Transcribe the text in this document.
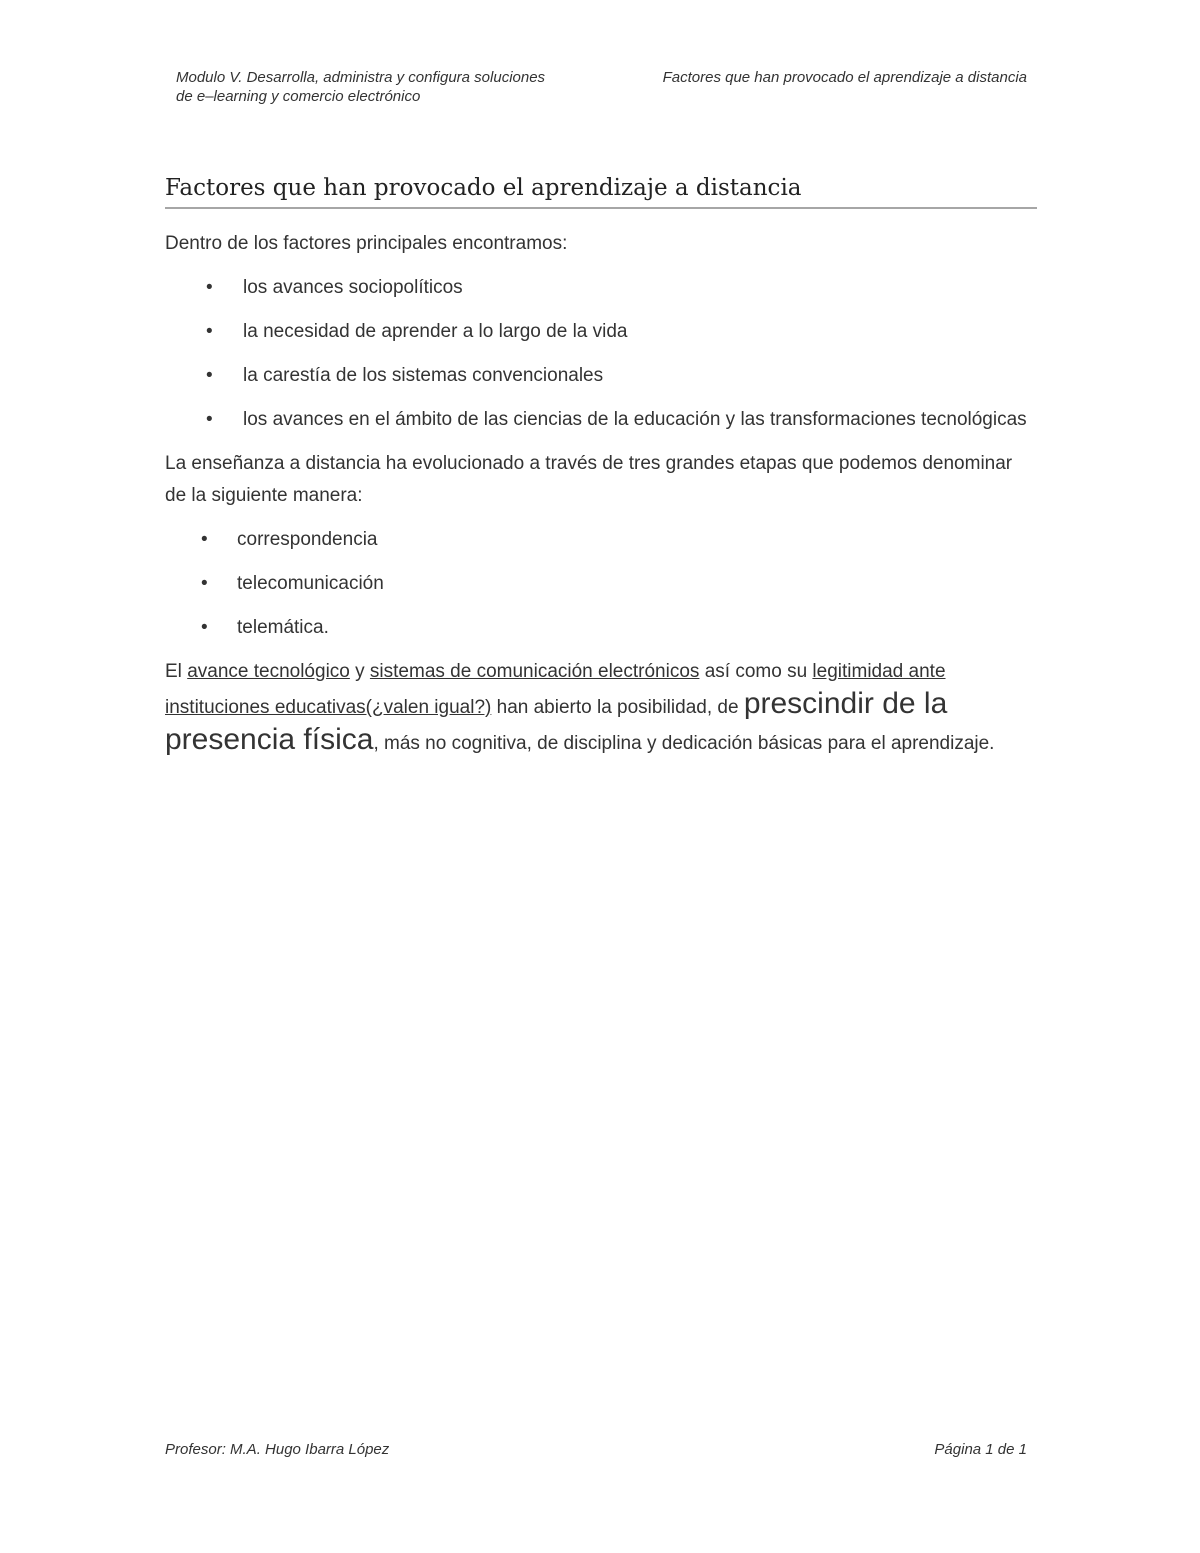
Modulo V. Desarrolla, administra y configura soluciones
de e–learning y comercio electrónico
Factores que han provocado el aprendizaje a distancia
Factores que han provocado el aprendizaje a distancia

Dentro de los factores principales encontramos:

• los avances sociopolíticos
• la necesidad de aprender a lo largo de la vida
• la carestía de los sistemas convencionales
• los avances en el ámbito de las ciencias de la educación y las transformaciones tecnológicas

La enseñanza a distancia ha evolucionado a través de tres grandes etapas que podemos denominar de la siguiente manera:

• correspondencia
• telecomunicación
• telemática.

El avance tecnológico y sistemas de comunicación electrónicos así como su legitimidad ante instituciones educativas(¿valen igual?) han abierto la posibilidad, de prescindir de la presencia física, más no cognitiva, de disciplina y dedicación básicas para el aprendizaje.

Profesor: M.A. Hugo Ibarra López	Página 1 de 1
